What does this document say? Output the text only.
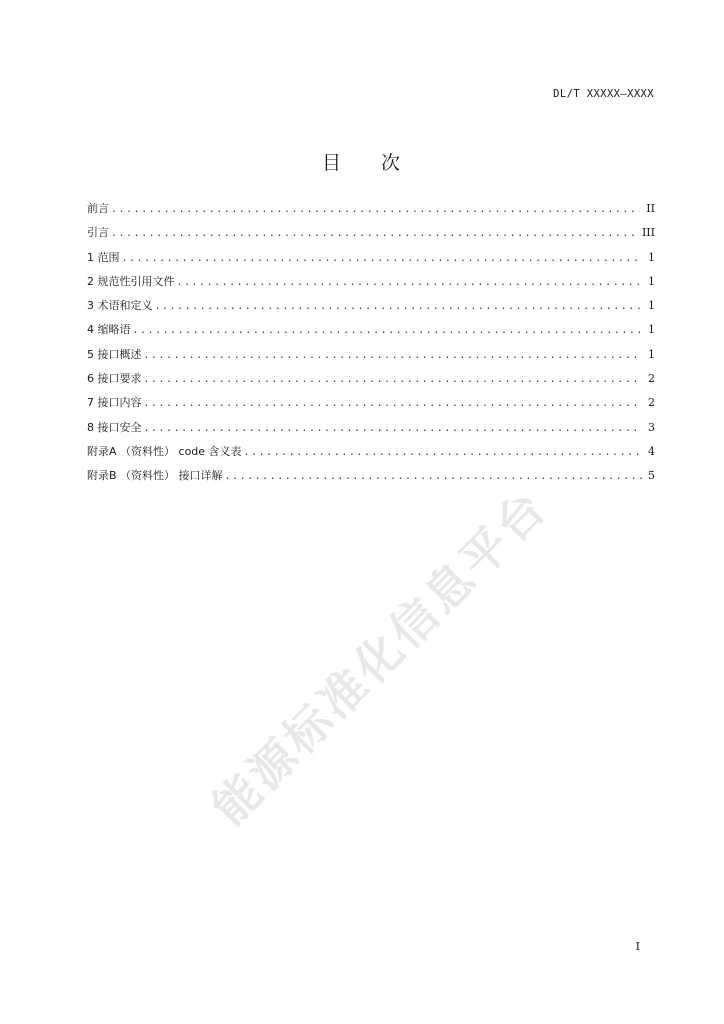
DL/T XXXXX—XXXX
目 次
前言 .....	II
引言 .....	III
1 范围 .....	1
2 规范性引用文件 .....	1
3 术语和定义 .....	1
4 缩略语 .....	1
5 接口概述 .....	1
6 接口要求 .....	2
7 接口内容 .....	2
8 接口安全 .....	3
附录A （资料性） code 含义表 .....	4
附录B （资料性） 接口详解 .....	5
能源标准化信息平台
I
